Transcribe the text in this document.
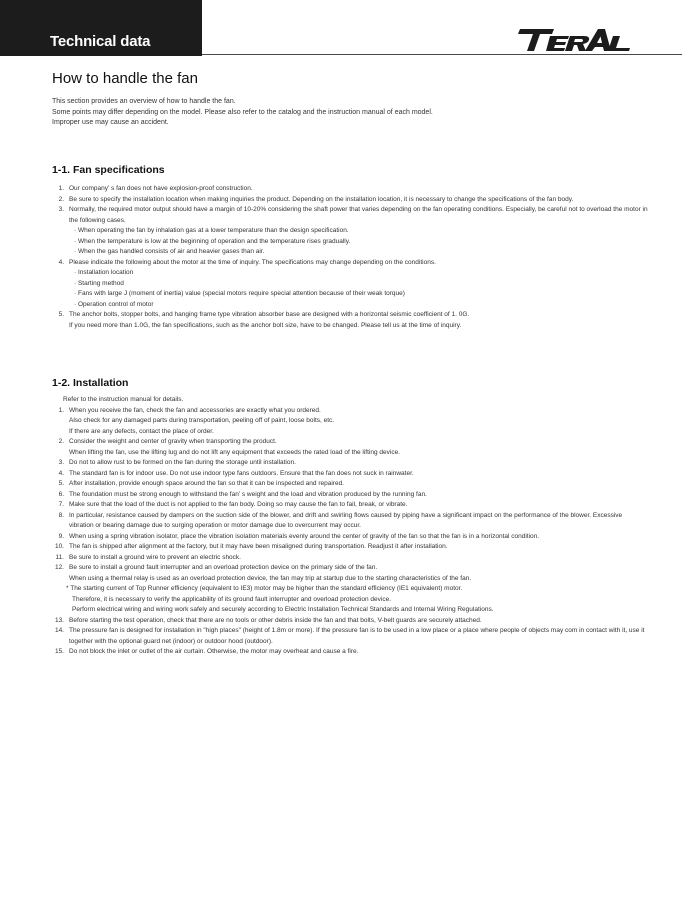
Technical data
How to handle the fan
This section provides an overview of how to handle the fan.
Some points may differ depending on the model. Please also refer to the catalog and the instruction manual of each model.
Improper use may cause an accident.
1-1. Fan specifications
1. Our company’ s fan does not have explosion-proof construction.
2. Be sure to specify the installation location when making inquiries the product. Depending on the installation location, it is necessary to change the specifications of the fan body.
3. Normally, the required motor output should have a margin of 10-20% considering the shaft power that varies depending on the fan operating conditions. Especially, be careful not to overload the motor in the following cases.
· When operating the fan by inhalation gas at a lower temperature than the design specification.
· When the temperature is low at the beginning of operation and the temperature rises gradually.
· When the gas handled consists of air and heavier gases than air.
4. Please indicate the following about the motor at the time of inquiry. The specifications may change depending on the conditions.
· Installation location
· Starting method
· Fans with large J (moment of inertia) value (special motors require special attention because of their weak torque)
· Operation control of motor
5. The anchor bolts, stopper bolts, and hanging frame type vibration absorber base are designed with a horizontal seismic coefficient of 1. 0G.
If you need more than 1.0G, the fan specifications, such as the anchor bolt size, have to be changed. Please tell us at the time of inquiry.
1-2. Installation
Refer to the instruction manual for details.
1. When you receive the fan, check the fan and accessories are exactly what you ordered.
Also check for any damaged parts during transportation, peeling off of paint, loose bolts, etc.
If there are any defects, contact the place of order.
2. Consider the weight and center of gravity when transporting the product.
When lifting the fan, use the lifting lug and do not lift any equipment that exceeds the rated load of the lifting device.
3. Do not to allow rust to be formed on the fan during the storage until installation.
4. The standard fan is for indoor use. Do not use indoor type fans outdoors. Ensure that the fan does not suck in rainwater.
5. After installation, provide enough space around the fan so that it can be inspected and repaired.
6. The foundation must be strong enough to withstand the fan’ s weight and the load and vibration produced by the running fan.
7. Make sure that the load of the duct is not applied to the fan body. Doing so may cause the fan to fail, break, or vibrate.
8. In particular, resistance caused by dampers on the suction side of the blower, and drift and swirling flows caused by piping have a significant impact on the performance of the blower. Excessive vibration or bearing damage due to surging operation or motor damage due to overcurrent may occur.
9. When using a spring vibration isolator, place the vibration isolation materials evenly around the center of gravity of the fan so that the fan is in a horizontal condition.
10. The fan is shipped after alignment at the factory, but it may have been misaligned during transportation. Readjust it after installation.
11. Be sure to install a ground wire to prevent an electric shock.
12. Be sure to install a ground fault interrupter and an overload protection device on the primary side of the fan.
When using a thermal relay is used as an overload protection device, the fan may trip at startup due to the starting characteristics of the fan.
* The starting current of Top Runner efficiency (equivalent to IE3) motor may be higher than the standard efficiency (IE1 equivalent) motor.
Therefore, it is necessary to verify the applicability of its ground fault interrupter and overload protection device.
Perform electrical wiring and wiring work safely and securely according to Electric Installation Technical Standards and Internal Wiring Regulations.
13. Before starting the test operation, check that there are no tools or other debris inside the fan and that bolts, V-belt guards are securely attached.
14. The pressure fan is designed for installation in "high places" (height of 1.8m or more). If the pressure fan is to be used in a low place or a place where people of objects may com in contact with it, use it together with the optional guard net (indoor) or outdoor hood (outdoor).
15. Do not block the inlet or outlet of the air curtain. Otherwise, the motor may overheat and cause a fire.
